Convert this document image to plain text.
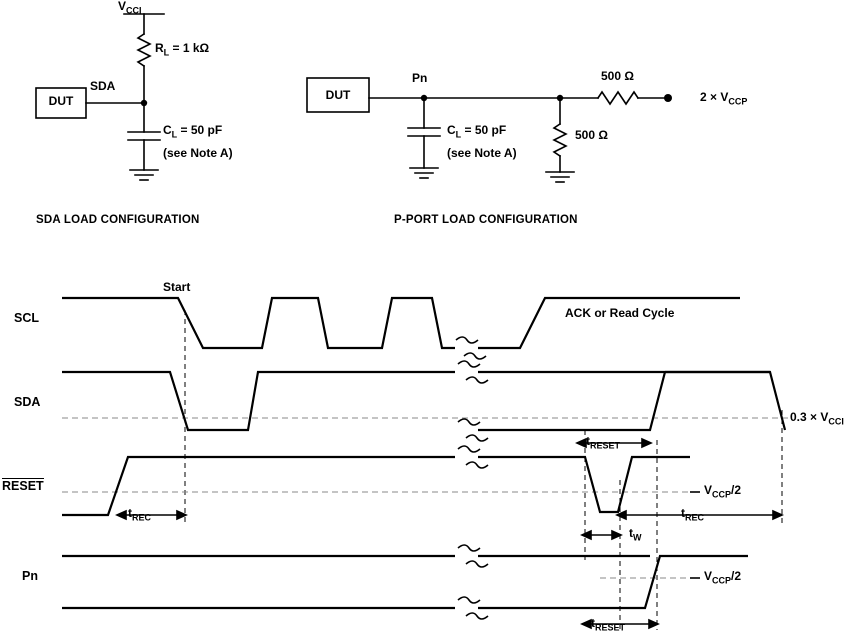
$V_{CCI}$
$R_L = 1$ kΩ
SDA
DUT
$C_L = 50$ pF
(see Note A)
SDA LOAD CONFIGURATION
DUT
Pn
$C_L = 50$ pF
(see Note A)
500 Ω
500 Ω
$2 \times V_{CCP}$
P-PORT LOAD CONFIGURATION
SCL
SDA
RESET
Pn
Start
ACK or Read Cycle
$0.3 \times V_{CCI}$
$V_{CCP}/2$
$V_{CCP}/2$
$t_{RESET}$
$t_{REC}$	$t_{REC}$
$t_W$
$t_{RESET}$
